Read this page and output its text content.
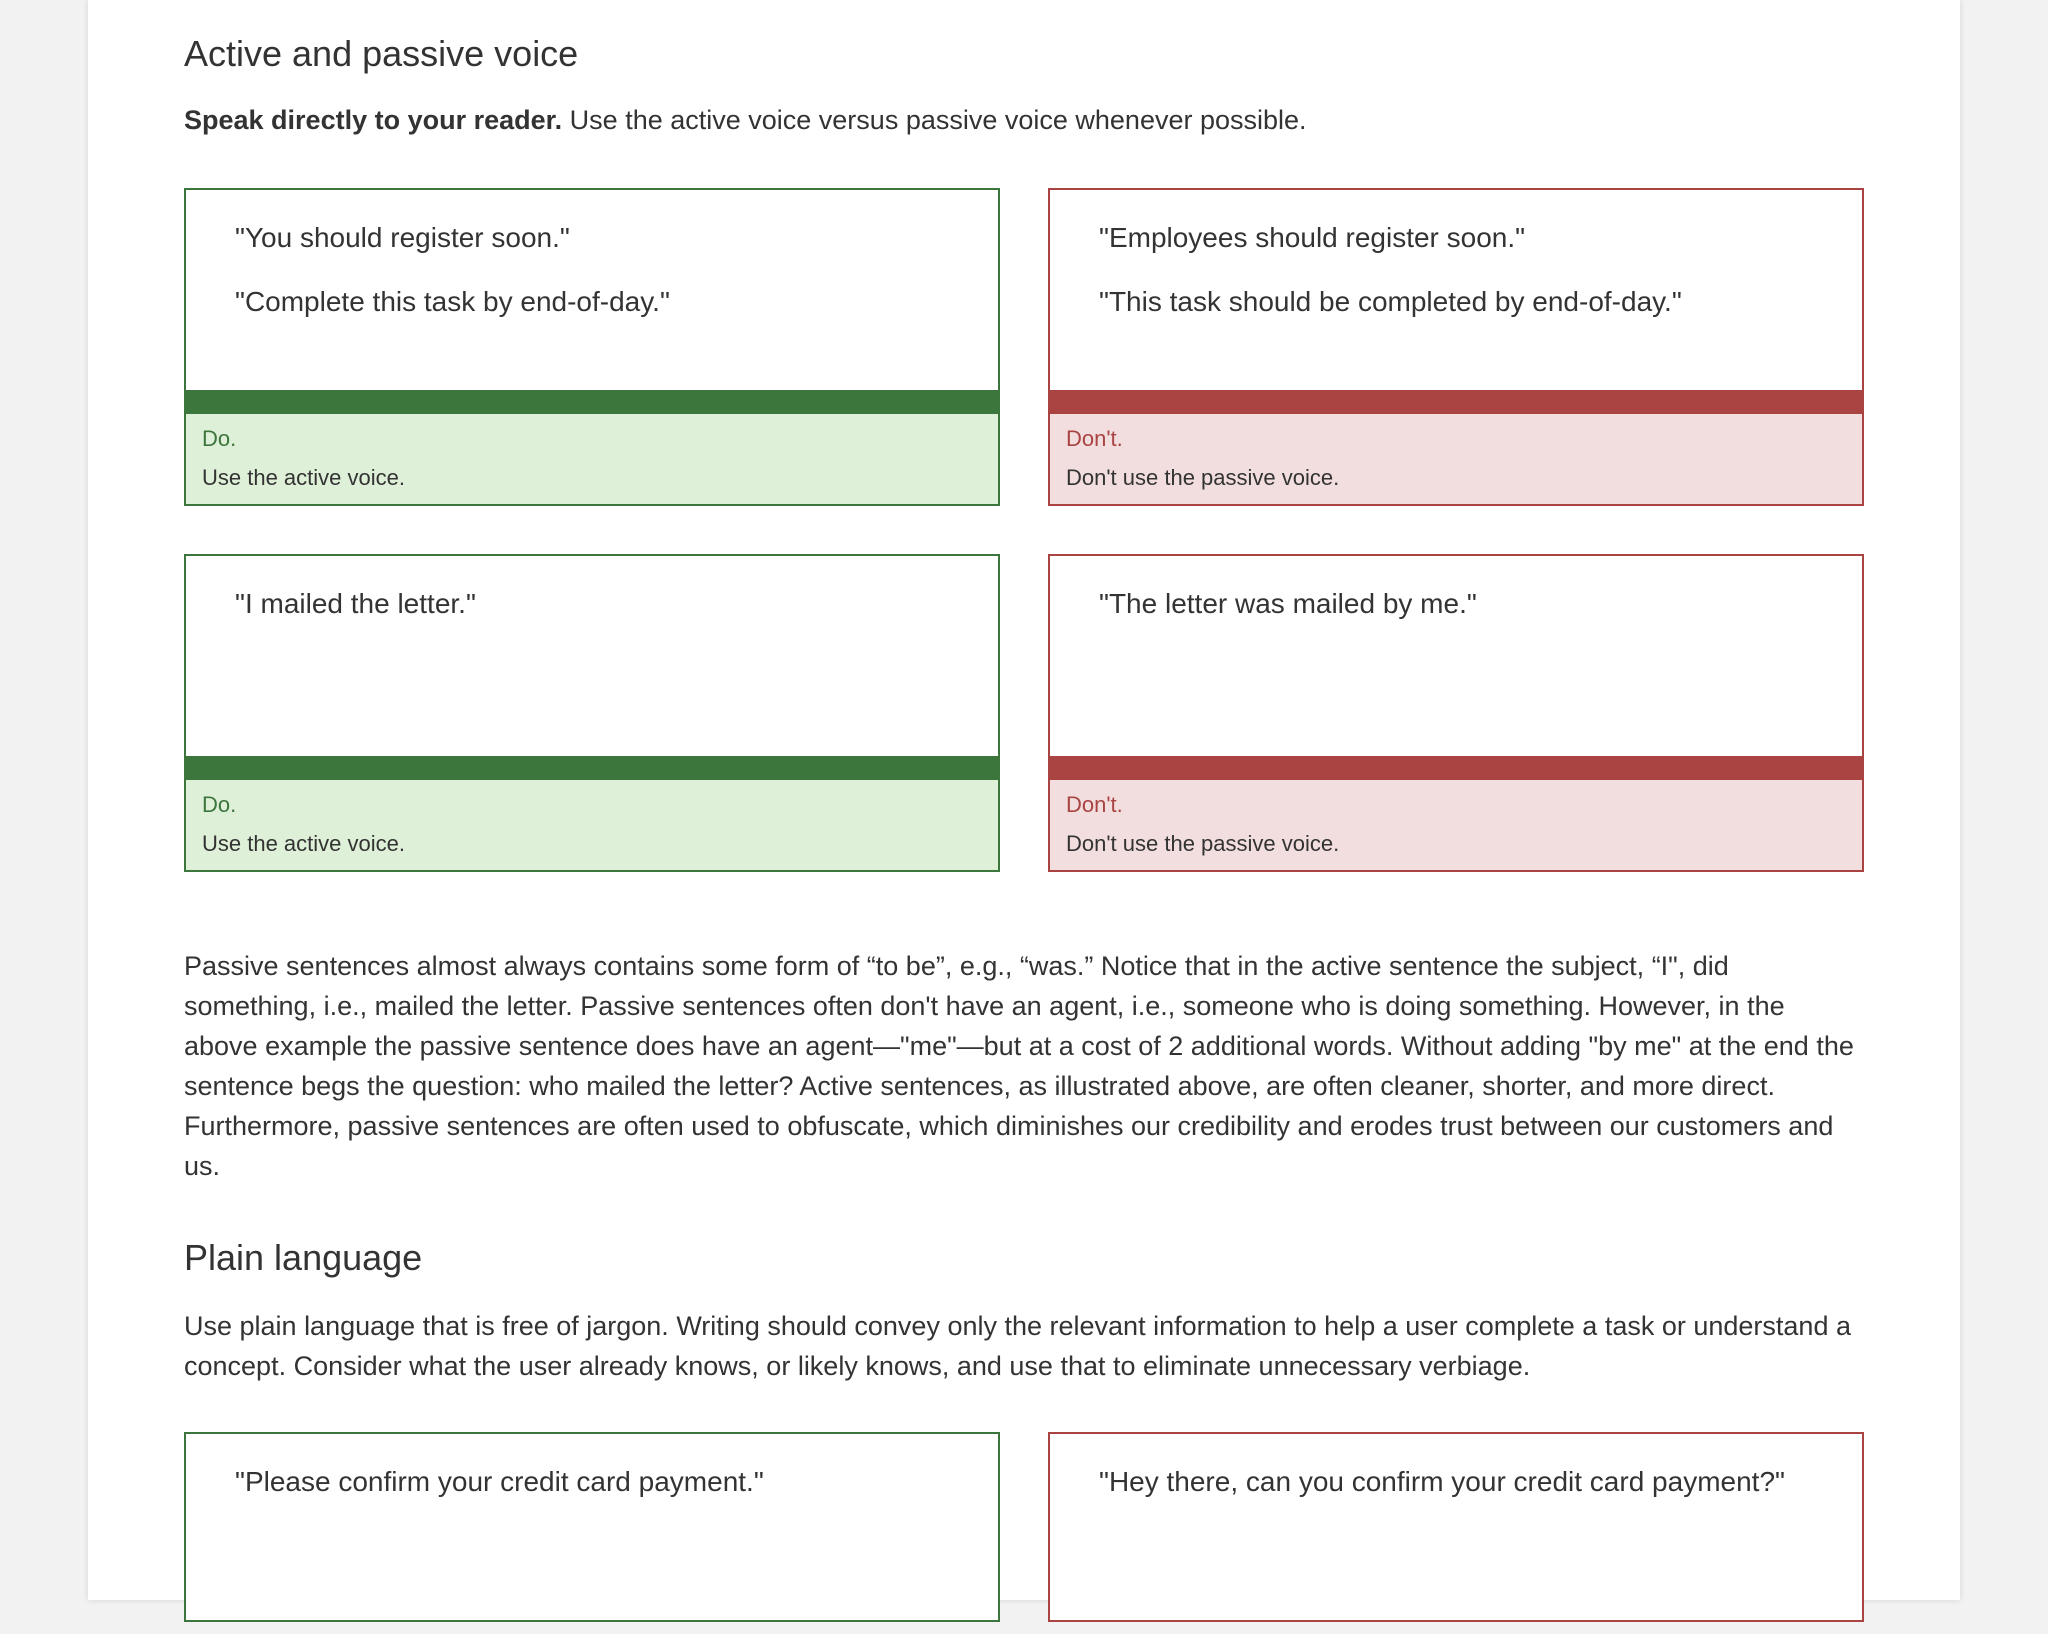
Active and passive voice

Speak directly to your reader. Use the active voice versus passive voice whenever possible.

"You should register soon."

"Complete this task by end-of-day."

Do.

Use the active voice.

"Employees should register soon."

"This task should be completed by end-of-day."

Don't.

Don't use the passive voice.

"I mailed the letter."

Do.

Use the active voice.

"The letter was mailed by me."

Don't.

Don't use the passive voice.

Passive sentences almost always contains some form of “to be”, e.g., “was.” Notice that in the active sentence the subject, “I", did something, i.e., mailed the letter. Passive sentences often don't have an agent, i.e., someone who is doing something. However, in the above example the passive sentence does have an agent—"me"—but at a cost of 2 additional words. Without adding "by me" at the end the sentence begs the question: who mailed the letter? Active sentences, as illustrated above, are often cleaner, shorter, and more direct. Furthermore, passive sentences are often used to obfuscate, which diminishes our credibility and erodes trust between our customers and us.

Plain language

Use plain language that is free of jargon. Writing should convey only the relevant information to help a user complete a task or understand a concept. Consider what the user already knows, or likely knows, and use that to eliminate unnecessary verbiage.

"Please confirm your credit card payment."	"Hey there, can you confirm your credit card payment?"
